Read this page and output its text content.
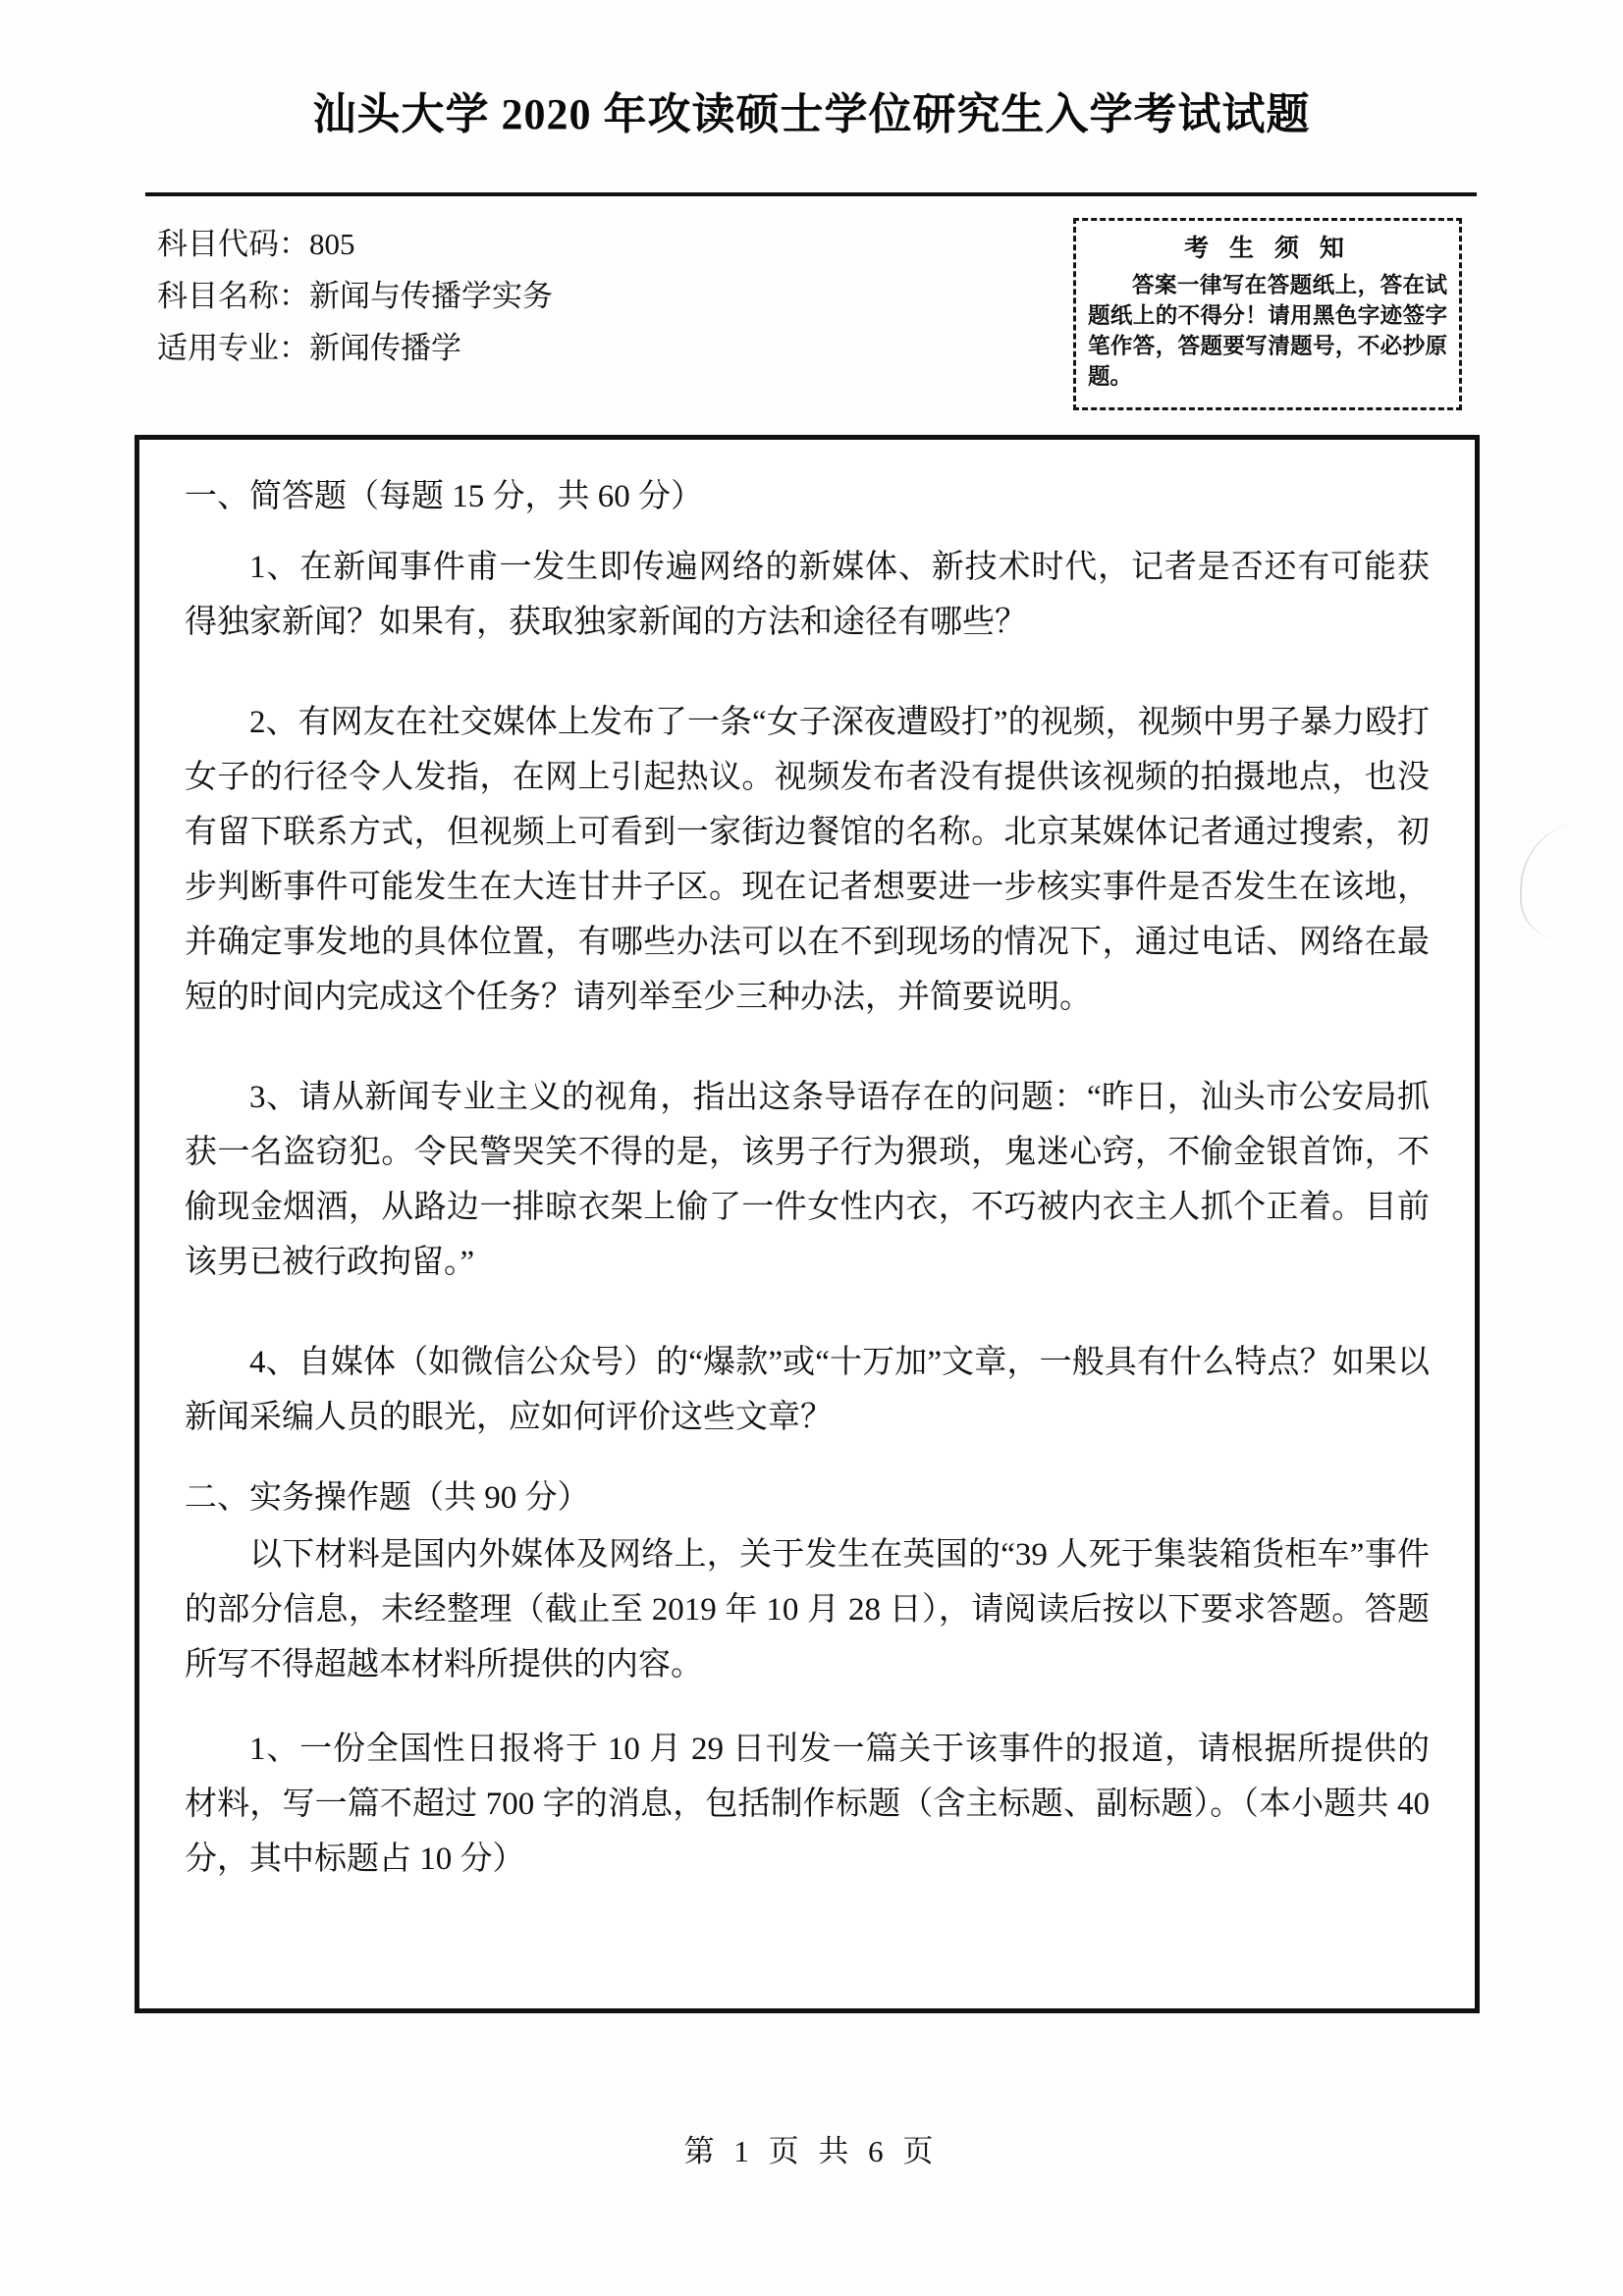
汕头大学 2020 年攻读硕士学位研究生入学考试试题
科目代码：805
科目名称：新闻与传播学实务
适用专业：新闻传播学
考 生 须 知
答案一律写在答题纸上，答在试题纸上的不得分！请用黑色字迹签字笔作答，答题要写清题号，不必抄原题。
一、简答题（每题 15 分，共 60 分）

1、在新闻事件甫一发生即传遍网络的新媒体、新技术时代，记者是否还有可能获得独家新闻？如果有，获取独家新闻的方法和途径有哪些？

2、有网友在社交媒体上发布了一条“女子深夜遭殴打”的视频，视频中男子暴力殴打女子的行径令人发指，在网上引起热议。视频发布者没有提供该视频的拍摄地点，也没有留下联系方式，但视频上可看到一家街边餐馆的名称。北京某媒体记者通过搜索，初步判断事件可能发生在大连甘井子区。现在记者想要进一步核实事件是否发生在该地，并确定事发地的具体位置，有哪些办法可以在不到现场的情况下，通过电话、网络在最短的时间内完成这个任务？请列举至少三种办法，并简要说明。

3、请从新闻专业主义的视角，指出这条导语存在的问题：“昨日，汕头市公安局抓获一名盗窃犯。令民警哭笑不得的是，该男子行为猥琐，鬼迷心窍，不偷金银首饰，不偷现金烟酒，从路边一排晾衣架上偷了一件女性内衣，不巧被内衣主人抓个正着。目前该男已被行政拘留。”

4、自媒体（如微信公众号）的“爆款”或“十万加”文章，一般具有什么特点？如果以新闻采编人员的眼光，应如何评价这些文章？

二、实务操作题（共 90 分）

以下材料是国内外媒体及网络上，关于发生在英国的“39 人死于集装箱货柜车”事件的部分信息，未经整理（截止至 2019 年 10 月 28 日），请阅读后按以下要求答题。答题所写不得超越本材料所提供的内容。

1、一份全国性日报将于 10 月 29 日刊发一篇关于该事件的报道，请根据所提供的材料，写一篇不超过 700 字的消息，包括制作标题（含主标题、副标题）。（本小题共 40 分，其中标题占 10 分）

第 1 页 共 6 页
